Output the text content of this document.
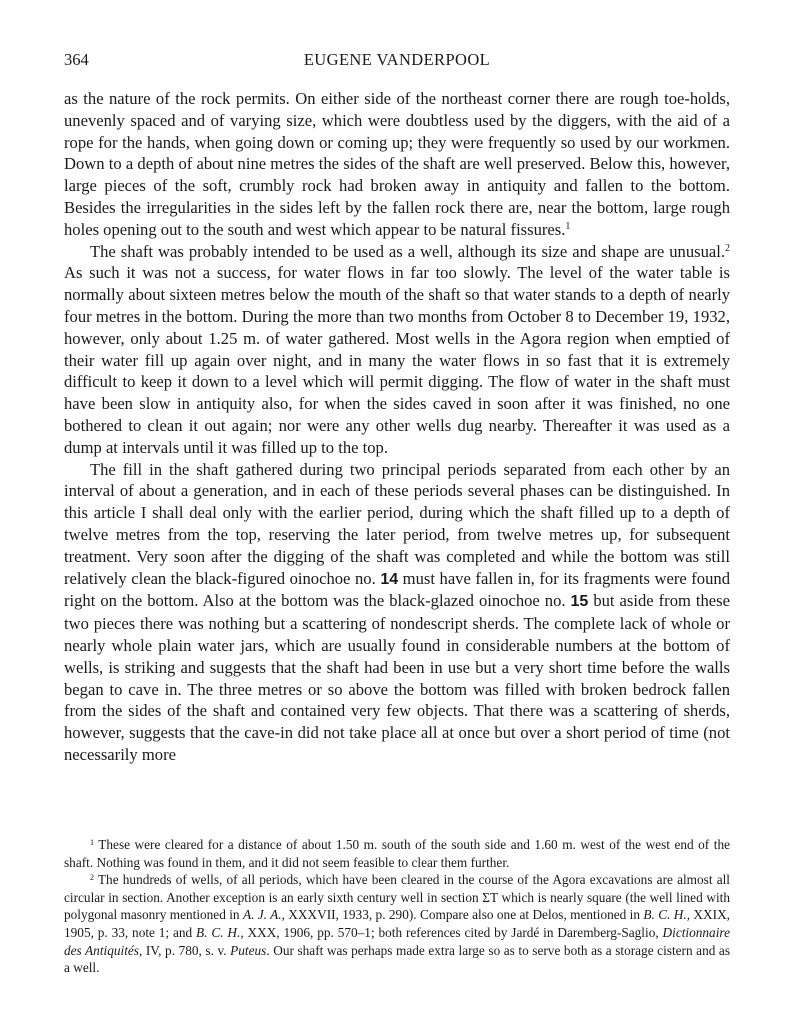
364	EUGENE VANDERPOOL

as the nature of the rock permits. On either side of the northeast corner there are rough toe-holds, unevenly spaced and of varying size, which were doubtless used by the diggers, with the aid of a rope for the hands, when going down or coming up; they were frequently so used by our workmen. Down to a depth of about nine metres the sides of the shaft are well preserved. Below this, however, large pieces of the soft, crumbly rock had broken away in antiquity and fallen to the bottom. Besides the irregularities in the sides left by the fallen rock there are, near the bottom, large rough holes opening out to the south and west which appear to be natural fissures.$^1$

The shaft was probably intended to be used as a well, although its size and shape are unusual.$^2$ As such it was not a success, for water flows in far too slowly. The level of the water table is normally about sixteen metres below the mouth of the shaft so that water stands to a depth of nearly four metres in the bottom. During the more than two months from October 8 to December 19, 1932, however, only about 1.25 m. of water gathered. Most wells in the Agora region when emptied of their water fill up again over night, and in many the water flows in so fast that it is extremely difficult to keep it down to a level which will permit digging. The flow of water in the shaft must have been slow in antiquity also, for when the sides caved in soon after it was finished, no one bothered to clean it out again; nor were any other wells dug nearby. Thereafter it was used as a dump at intervals until it was filled up to the top.

The fill in the shaft gathered during two principal periods separated from each other by an interval of about a generation, and in each of these periods several phases can be distinguished. In this article I shall deal only with the earlier period, during which the shaft filled up to a depth of twelve metres from the top, reserving the later period, from twelve metres up, for subsequent treatment. Very soon after the digging of the shaft was completed and while the bottom was still relatively clean the black-figured oinochoe no. 14 must have fallen in, for its fragments were found right on the bottom. Also at the bottom was the black-glazed oinochoe no. 15 but aside from these two pieces there was nothing but a scattering of nondescript sherds. The complete lack of whole or nearly whole plain water jars, which are usually found in considerable numbers at the bottom of wells, is striking and suggests that the shaft had been in use but a very short time before the walls began to cave in. The three metres or so above the bottom was filled with broken bedrock fallen from the sides of the shaft and contained very few objects. That there was a scattering of sherds, however, suggests that the cave-in did not take place all at once but over a short period of time (not necessarily more

$^1$ These were cleared for a distance of about 1.50 m. south of the south side and 1.60 m. west of the west end of the shaft. Nothing was found in them, and it did not seem feasible to clear them further.

$^2$ The hundreds of wells, of all periods, which have been cleared in the course of the Agora excavations are almost all circular in section. Another exception is an early sixth century well in section ΣΤ which is nearly square (the well lined with polygonal masonry mentioned in A. J. A., XXXVII, 1933, p. 290). Compare also one at Delos, mentioned in B. C. H., XXIX, 1905, p. 33, note 1; and B. C. H., XXX, 1906, pp. 570–1; both references cited by Jardé in Daremberg-Saglio, Dictionnaire des Antiquités, IV, p. 780, s. v. Puteus. Our shaft was perhaps made extra large so as to serve both as a storage cistern and as a well.
